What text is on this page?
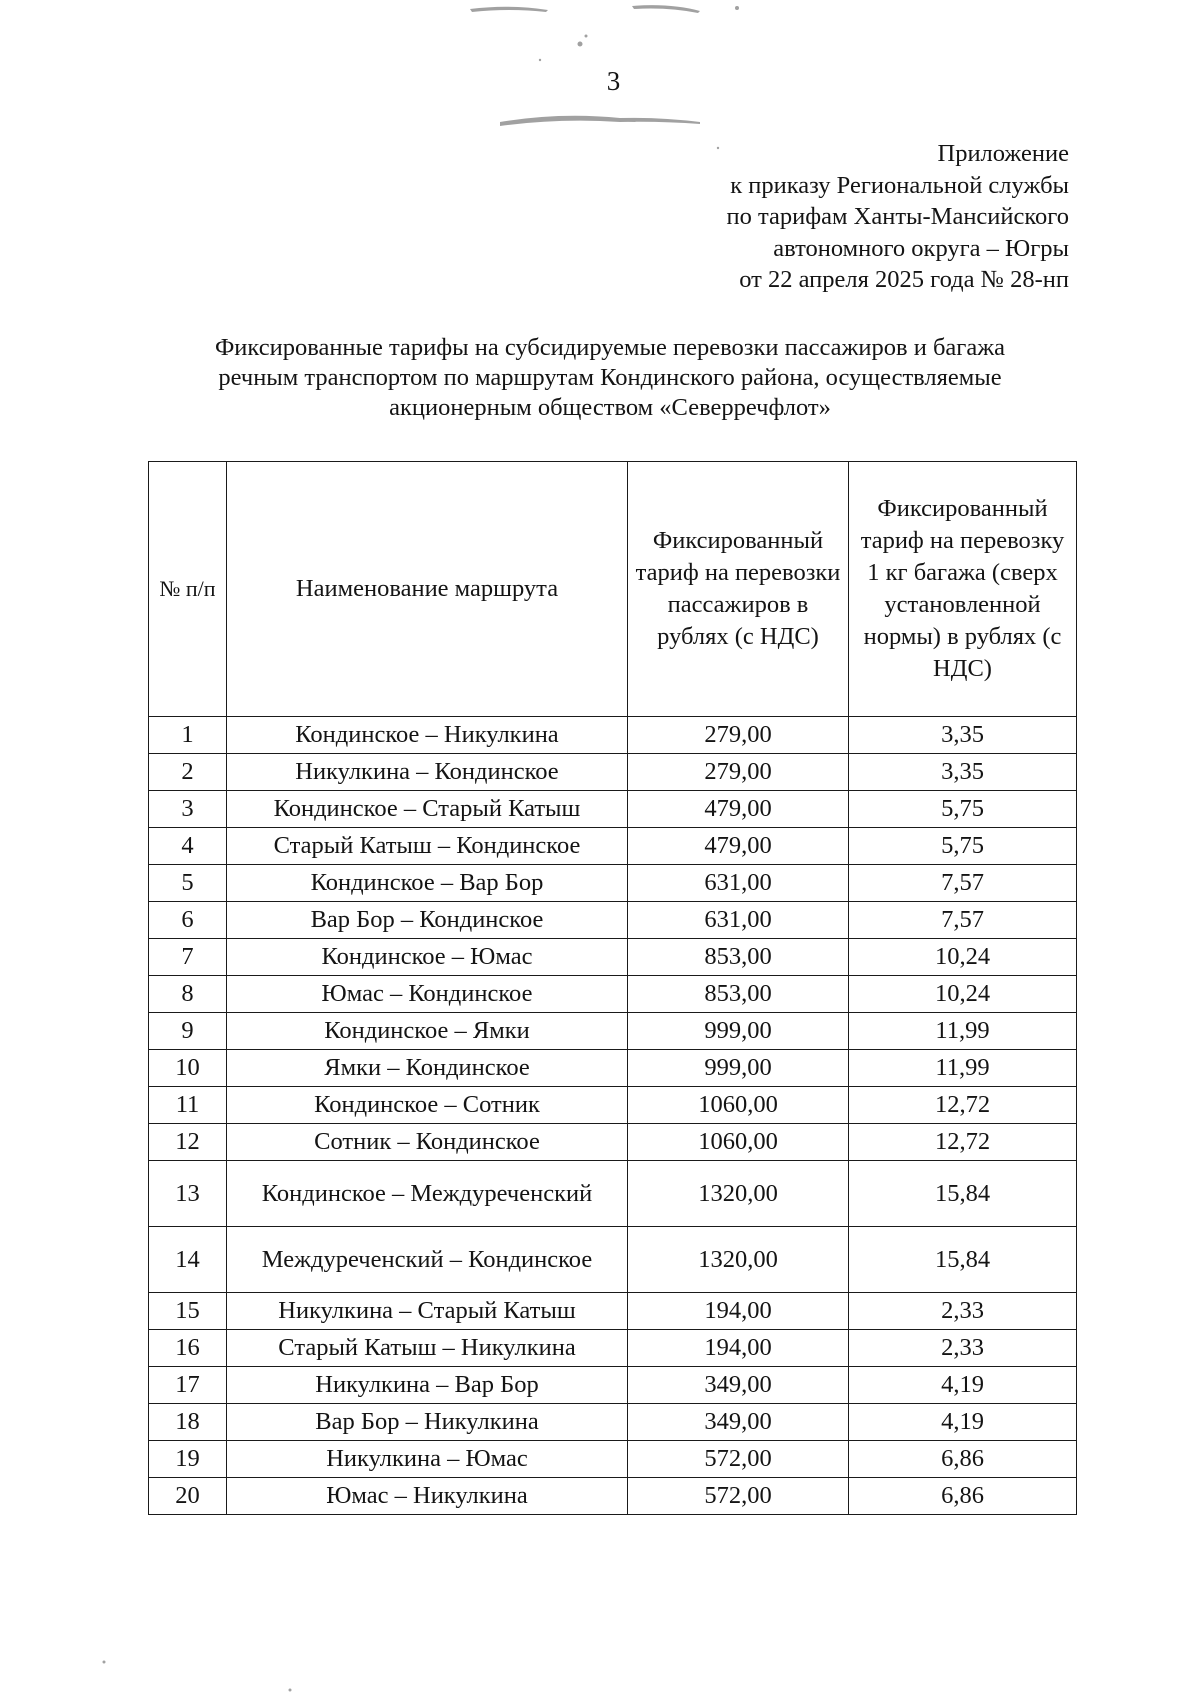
3
Приложение
к приказу Региональной службы
по тарифам Ханты-Мансийского
автономного округа – Югры
от 22 апреля 2025 года № 28-нп
Фиксированные тарифы на субсидируемые перевозки пассажиров и багажа
речным транспортом по маршрутам Кондинского района, осуществляемые
акционерным обществом «Северречфлот»
№ п/п	Наименование маршрута	Фиксированный тариф на перевозки пассажиров в рублях (с НДС)	Фиксированный тариф на перевозку 1 кг багажа (сверх установленной нормы) в рублях (с НДС)
1	Кондинское – Никулкина	279,00	3,35
2	Никулкина – Кондинское	279,00	3,35
3	Кондинское – Старый Катыш	479,00	5,75
4	Старый Катыш – Кондинское	479,00	5,75
5	Кондинское – Вар Бор	631,00	7,57
6	Вар Бор – Кондинское	631,00	7,57
7	Кондинское – Юмас	853,00	10,24
8	Юмас – Кондинское	853,00	10,24
9	Кондинское – Ямки	999,00	11,99
10	Ямки – Кондинское	999,00	11,99
11	Кондинское – Сотник	1060,00	12,72
12	Сотник – Кондинское	1060,00	12,72
13	Кондинское – Междуреченский	1320,00	15,84
14	Междуреченский – Кондинское	1320,00	15,84
15	Никулкина – Старый Катыш	194,00	2,33
16	Старый Катыш – Никулкина	194,00	2,33
17	Никулкина – Вар Бор	349,00	4,19
18	Вар Бор – Никулкина	349,00	4,19
19	Никулкина – Юмас	572,00	6,86
20	Юмас – Никулкина	572,00	6,86
